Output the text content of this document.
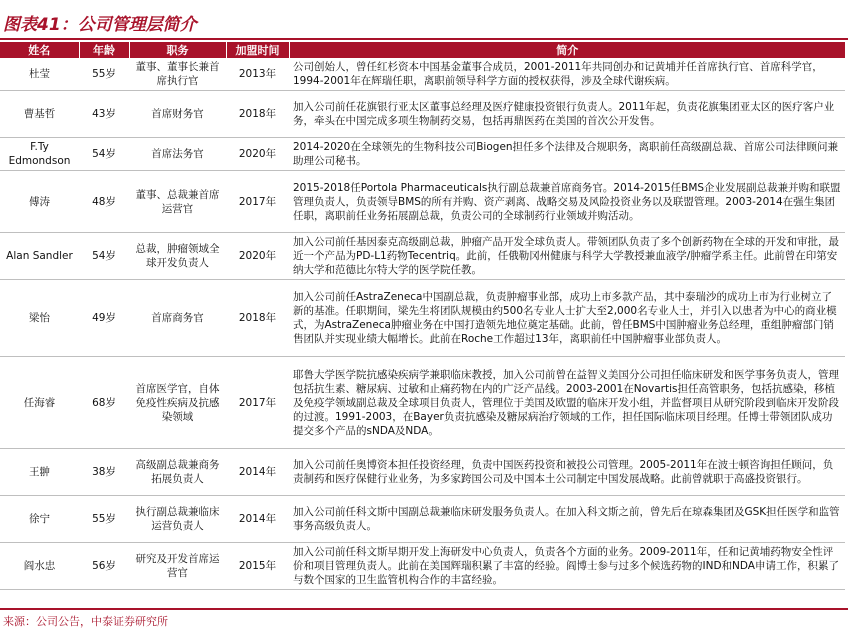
图表41：公司管理层简介
姓名	年龄	职务	加盟时间	简介
杜莹	55岁	董事、董事长兼首席执行官	2013年	公司创始人，曾任红杉资本中国基金董事合成员，2001-2011年共同创办和记黄埔并任首席执行官、首席科学官，1994-2001年在辉瑞任职，离职前领导科学方面的授权获得，涉及全球代谢疾病。
曹基哲	43岁	首席财务官	2018年	加入公司前任花旗银行亚太区董事总经理及医疗健康投资银行负责人。2011年起，负责花旗集团亚太区的医疗客户业务，牵头在中国完成多项生物制药交易，包括再鼎医药在美国的首次公开发售。
F.Ty Edmondson	54岁	首席法务官	2020年	2014-2020在全球领先的生物科技公司Biogen担任多个法律及合规职务，离职前任高级副总裁、首席公司法律顾问兼助理公司秘书。
傅涛	48岁	董事、总裁兼首席运营官	2017年	2015-2018任Portola Pharmaceuticals执行副总裁兼首席商务官。2014-2015任BMS企业发展副总裁兼并购和联盟管理负责人，负责领导BMS的所有并购、资产剥离、战略交易及风险投资业务以及联盟管理。2003-2014在强生集团任职，离职前任业务拓展副总裁，负责公司的全球制药行业领域并购活动。
Alan Sandler	54岁	总裁，肿瘤领域全球开发负责人	2020年	加入公司前任基因泰克高级副总裁，肿瘤产品开发全球负责人。带领团队负责了多个创新药物在全球的开发和审批，最近一个产品为PD-L1药物Tecentriq。此前，任俄勒冈州健康与科学大学教授兼血液学/肿瘤学系主任。此前曾在印第安纳大学和范德比尔特大学的医学院任教。
梁怡	49岁	首席商务官	2018年	加入公司前任AstraZeneca中国副总裁，负责肿瘤事业部，成功上市多款产品，其中泰瑞沙的成功上市为行业树立了新的基准。任职期间，梁先生将团队规模由约500名专业人士扩大至2,000名专业人士，并引入以患者为中心的商业模式，为AstraZeneca肿瘤业务在中国打造领先地位奠定基础。此前，曾任BMS中国肿瘤业务总经理，重组肿瘤部门销售团队并实现业绩大幅增长。此前在Roche工作超过13年，离职前任中国肿瘤事业部负责人。
任海睿	68岁	首席医学官，自体免疫性疾病及抗感染领域	2017年	耶鲁大学医学院抗感染疾病学兼职临床教授，加入公司前曾在益智义美国分公司担任临床研发和医学事务负责人，管理包括抗生素、糖尿病、过敏和止痛药物在内的广泛产品线。2003-2001在Novartis担任高管职务，包括抗感染，移植及免疫学领域副总裁及全球项目负责人，管理位于美国及欧盟的临床开发小组，并监督项目从研究阶段到临床开发阶段的过渡。1991-2003，在Bayer负责抗感染及糖尿病治疗领域的工作，担任国际临床项目经理。任博士带领团队成功提交多个产品的sNDA及NDA。
王翀	38岁	高级副总裁兼商务拓展负责人	2014年	加入公司前任奥博资本担任投资经理，负责中国医药投资和被投公司管理。2005-2011年在波士顿咨询担任顾问，负责制药和医疗保健行业业务，为多家跨国公司及中国本土公司制定中国发展战略。此前曾就职于高盛投资银行。
徐宁	55岁	执行副总裁兼临床运营负责人	2014年	加入公司前任科文斯中国副总裁兼临床研发服务负责人。在加入科文斯之前，曾先后在琼森集团及GSK担任医学和监管事务高级负责人。
阎水忠	56岁	研究及开发首席运营官	2015年	加入公司前任科文斯早期开发上海研发中心负责人，负责各个方面的业务。2009-2011年，任和记黄埔药物安全性评价和项目管理负责人。此前在美国辉瑞积累了丰富的经验。阎博士参与过多个候选药物的IND和NDA申请工作，积累了与数个国家的卫生监管机构合作的丰富经验。
来源：公司公告，中泰证券研究所
